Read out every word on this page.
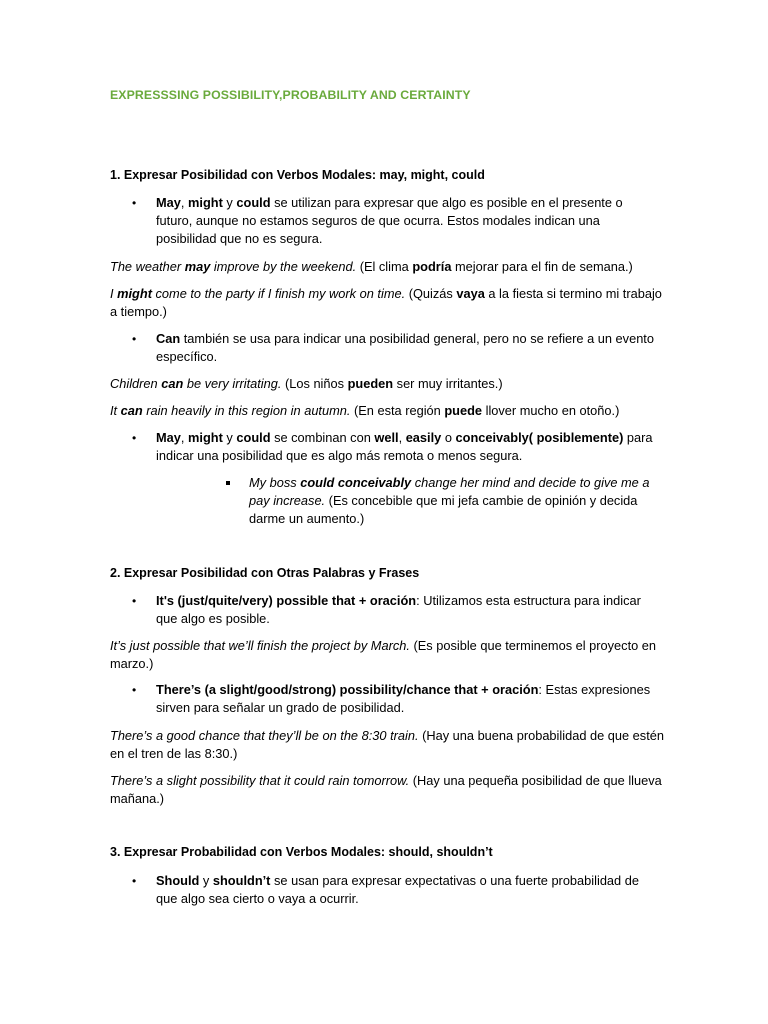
EXPRESSSING POSSIBILITY,PROBABILITY AND CERTAINTY
1. Expresar Posibilidad con Verbos Modales: may, might, could
• May, might y could se utilizan para expresar que algo es posible en el presente o futuro, aunque no estamos seguros de que ocurra. Estos modales indican una posibilidad que no es segura.
The weather may improve by the weekend. (El clima podría mejorar para el fin de semana.)
I might come to the party if I finish my work on time. (Quizás vaya a la fiesta si termino mi trabajo a tiempo.)
• Can también se usa para indicar una posibilidad general, pero no se refiere a un evento específico.
Children can be very irritating. (Los niños pueden ser muy irritantes.)
It can rain heavily in this region in autumn. (En esta región puede llover mucho en otoño.)
• May, might y could se combinan con well, easily o conceivably( posiblemente) para indicar una posibilidad que es algo más remota o menos segura.
My boss could conceivably change her mind and decide to give me a pay increase. (Es concebible que mi jefa cambie de opinión y decida darme un aumento.)
2. Expresar Posibilidad con Otras Palabras y Frases
• It's (just/quite/very) possible that + oración: Utilizamos esta estructura para indicar que algo es posible.
It’s just possible that we’ll finish the project by March. (Es posible que terminemos el proyecto en marzo.)
• There’s (a slight/good/strong) possibility/chance that + oración: Estas expresiones sirven para señalar un grado de posibilidad.
There’s a good chance that they’ll be on the 8:30 train. (Hay una buena probabilidad de que estén en el tren de las 8:30.)
There’s a slight possibility that it could rain tomorrow. (Hay una pequeña posibilidad de que llueva mañana.)
3. Expresar Probabilidad con Verbos Modales: should, shouldn’t
• Should y shouldn’t se usan para expresar expectativas o una fuerte probabilidad de que algo sea cierto o vaya a ocurrir.
